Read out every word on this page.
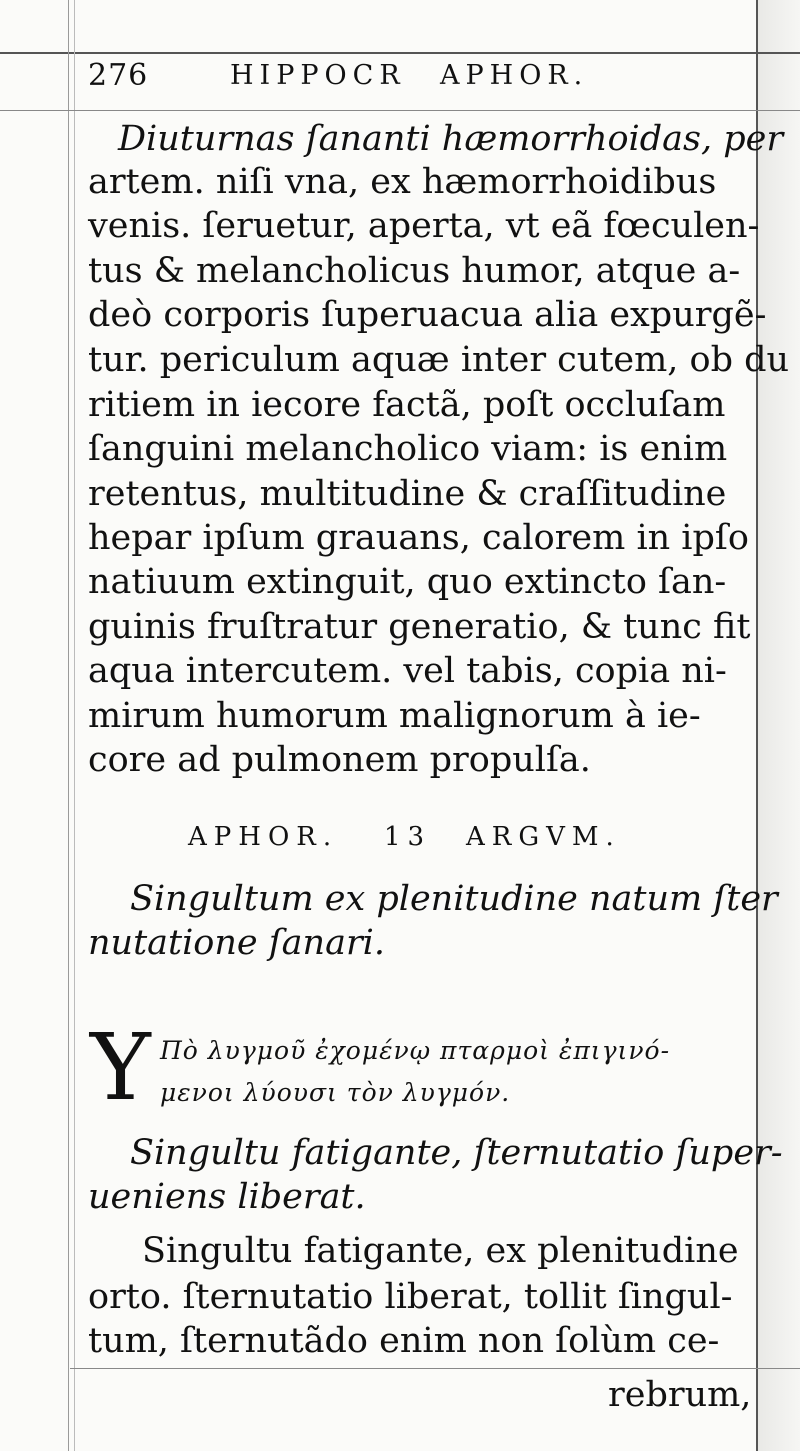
276	HIPPOCR APHOR.
Diuturnas ſananti hæmorrhoidas, per
artem. niſi vna, ex hæmorrhoidibus
venis. ſeruetur, aperta, vt eã fœculen-
tus & melancholicus humor, atque a-
deò corporis ſuperuacua alia expurgẽ-
tur. periculum aquæ inter cutem, ob du
ritiem in iecore factã, poſt occluſam
ſanguini melancholico viam: is enim
retentus, multitudine & craſſitudine
hepar ipſum grauans, calorem in ipſo
natiuum extinguit, quo extincto ſan-
guinis fruſtratur generatio, & tunc fit
aqua intercutem. vel tabis, copia ni-
mirum humorum malignorum à ie-
core ad pulmonem propulſa.
APHOR. 13 ARGVM.
Singultum ex plenitudine natum ſter
nutatione ſanari.
Y Πὸ λυγμοῦ ἐχομένῳ πταρμοὶ ἐπιγινό-
μενοι λύουσι τὸν λυγμόν.
Singultu fatigante, ſternutatio ſuper-
ueniens liberat.
Singultu fatigante, ex plenitudine
orto. ſternutatio liberat, tollit ſingul-
tum, ſternutãdo enim non ſolùm ce-
rebrum,
